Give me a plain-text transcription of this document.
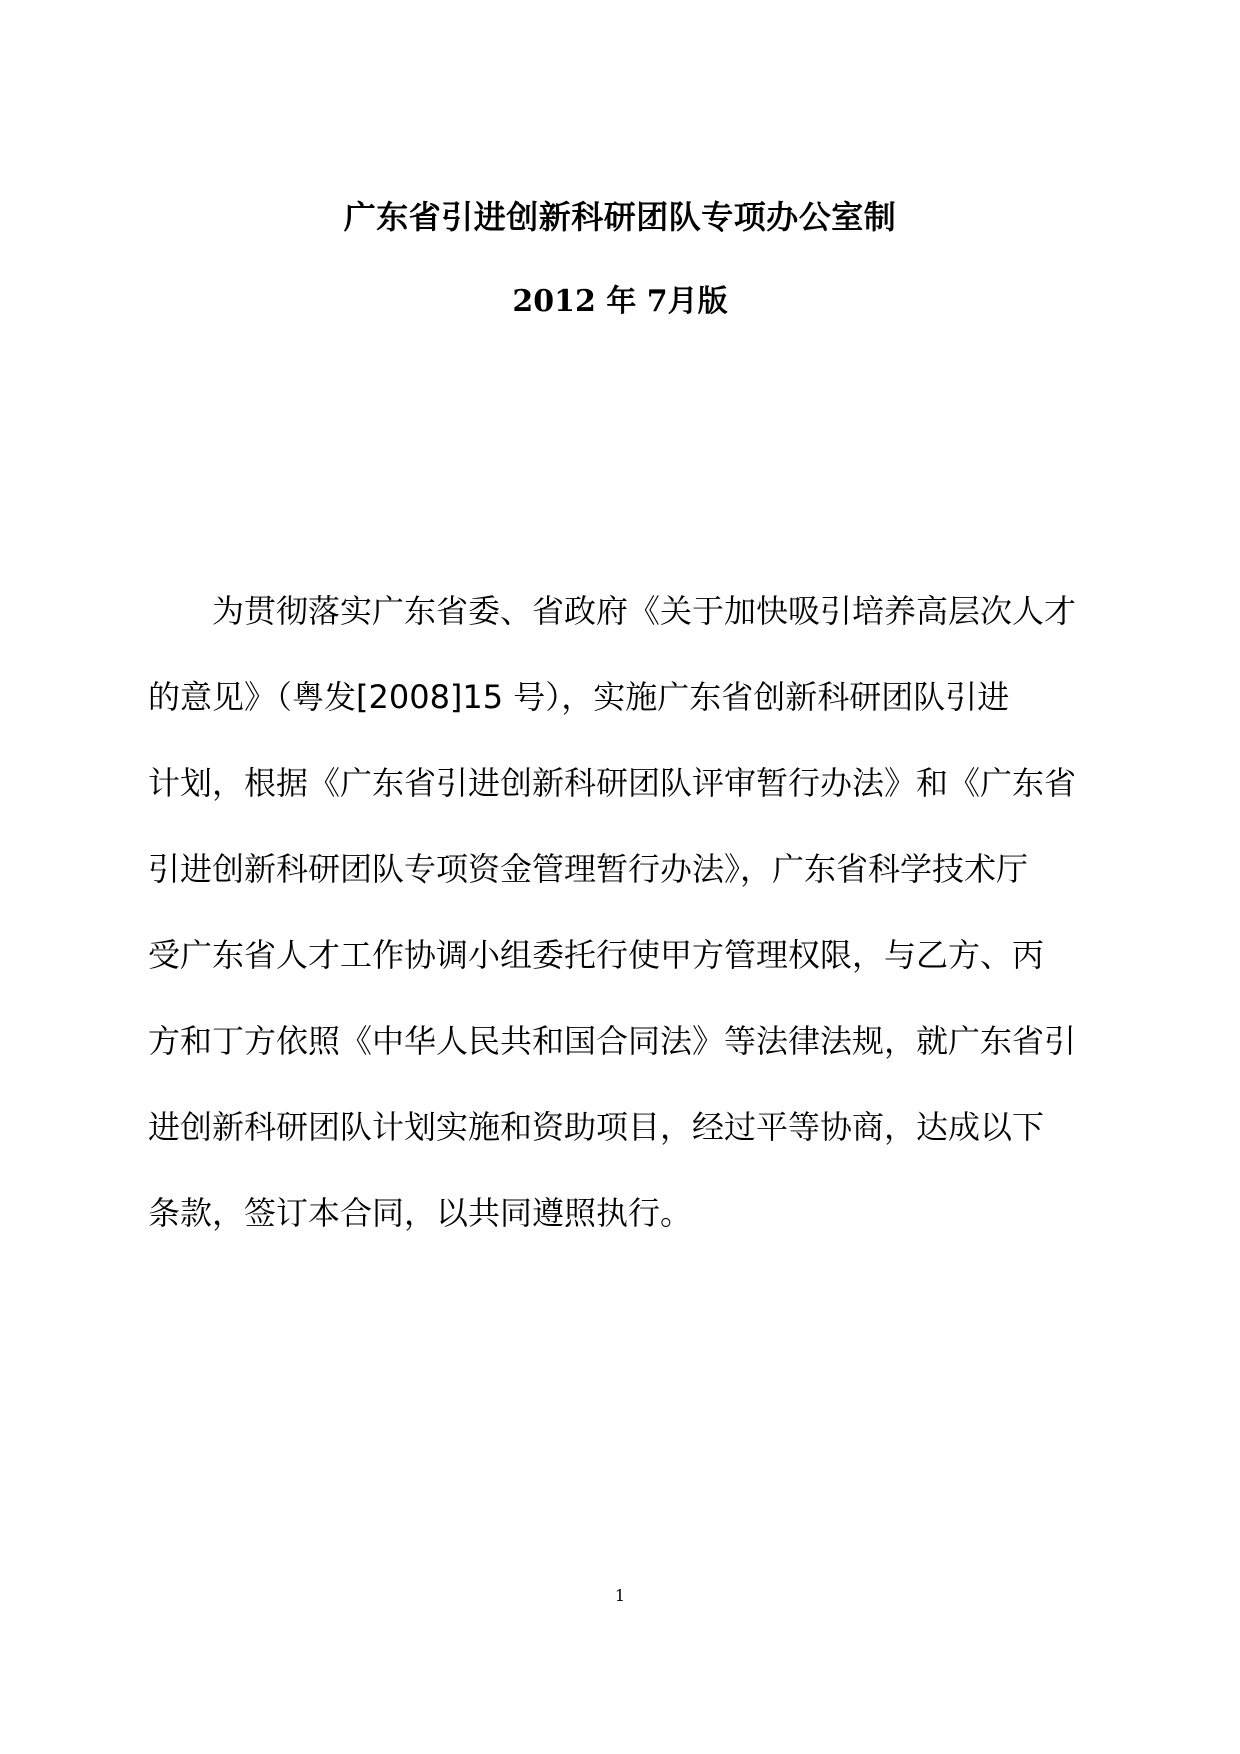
广东省引进创新科研团队专项办公室制
2012 年 7月版
为贯彻落实广东省委、省政府《关于加快吸引培养高层次人才
的意见》（粤发[2008]15 号），实施广东省创新科研团队引进
计划，根据《广东省引进创新科研团队评审暂行办法》和《广东省
引进创新科研团队专项资金管理暂行办法》，广东省科学技术厅
受广东省人才工作协调小组委托行使甲方管理权限，与乙方、丙
方和丁方依照《中华人民共和国合同法》等法律法规，就广东省引
进创新科研团队计划实施和资助项目，经过平等协商，达成以下
条款，签订本合同，以共同遵照执行。
1
